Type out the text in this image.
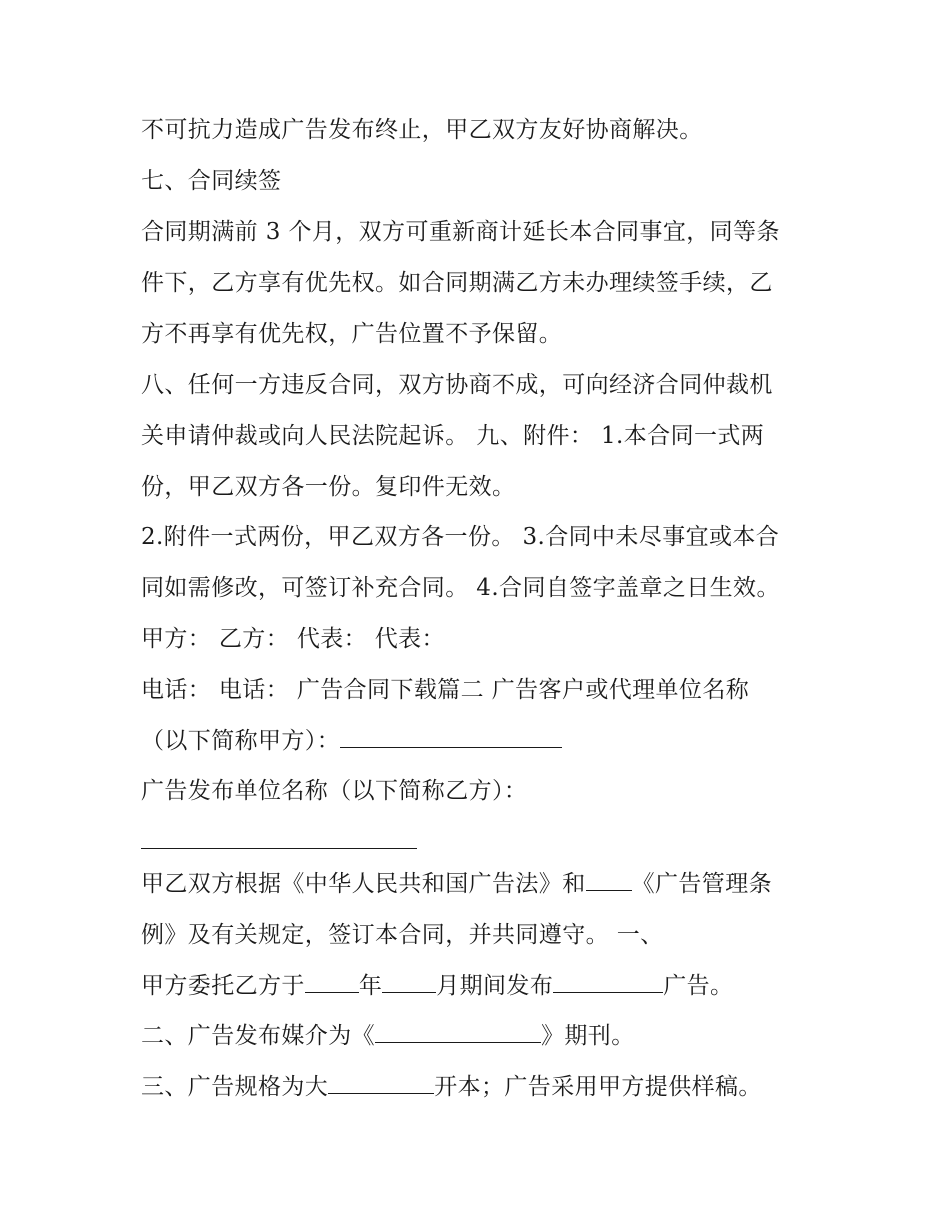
不可抗力造成广告发布终止，甲乙双方友好协商解决。
七、合同续签
合同期满前 3 个月，双方可重新商计延长本合同事宜，同等条
件下，乙方享有优先权。如合同期满乙方未办理续签手续，乙
方不再享有优先权，广告位置不予保留。
八、任何一方违反合同，双方协商不成，可向经济合同仲裁机
关申请仲裁或向人民法院起诉。 九、附件： 1.本合同一式两
份，甲乙双方各一份。复印件无效。
2.附件一式两份，甲乙双方各一份。 3.合同中未尽事宜或本合
同如需修改，可签订补充合同。 4.合同自签字盖章之日生效。
甲方： 乙方： 代表： 代表：
电话： 电话： 广告合同下载篇二 广告客户或代理单位名称
（以下简称甲方）：
广告发布单位名称（以下简称乙方）：
甲乙双方根据《中华人民共和国广告法》和 《广告管理条
例》及有关规定，签订本合同，并共同遵守。 一、
甲方委托乙方于 年 月期间发布	广告。
二、广告发布媒介为《	》期刊。
三、广告规格为大	开本；广告采用甲方提供样稿。
